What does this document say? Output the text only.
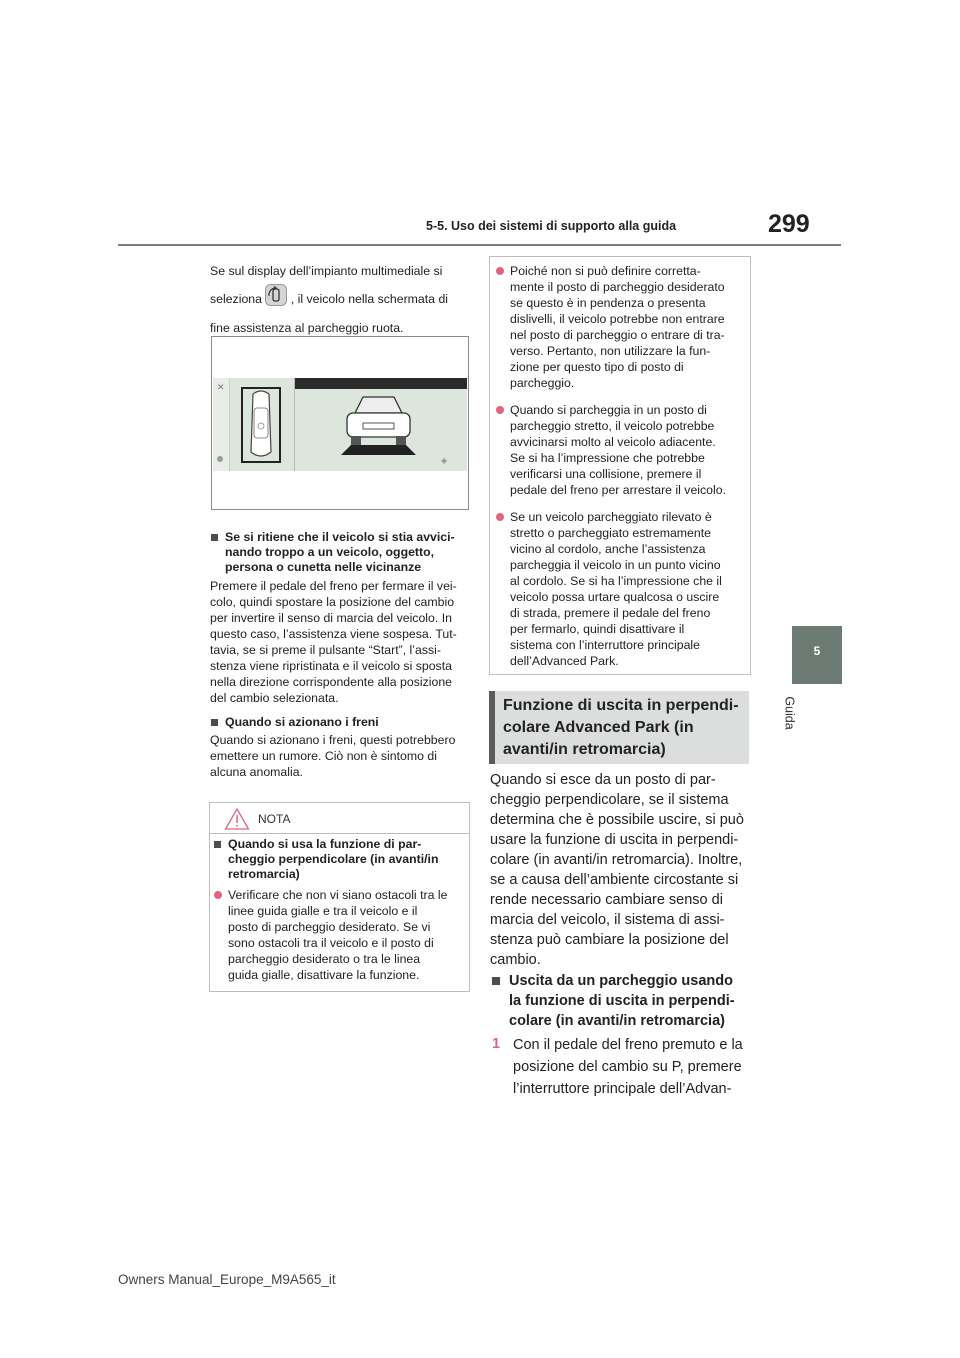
5-5. Uso dei sistemi di supporto alla guida	299
5
Guida
Se sul display dell’impianto multimediale si
seleziona , il veicolo nella schermata di
fine assistenza al parcheggio ruota.
✕
◈
Se si ritiene che il veicolo si stia avvici-
nando troppo a un veicolo, oggetto,
persona o cunetta nelle vicinanze
Premere il pedale del freno per fermare il vei-
colo, quindi spostare la posizione del cambio
per invertire il senso di marcia del veicolo. In
questo caso, l’assistenza viene sospesa. Tut-
tavia, se si preme il pulsante “Start”, l’assi-
stenza viene ripristinata e il veicolo si sposta
nella direzione corrispondente alla posizione
del cambio selezionata.
Quando si azionano i freni
Quando si azionano i freni, questi potrebbero
emettere un rumore. Ciò non è sintomo di
alcuna anomalia.
NOTA
Quando si usa la funzione di par-
cheggio perpendicolare (in avanti/in
retromarcia)
Verificare che non vi siano ostacoli tra le
linee guida gialle e tra il veicolo e il
posto di parcheggio desiderato. Se vi
sono ostacoli tra il veicolo e il posto di
parcheggio desiderato o tra le linea
guida gialle, disattivare la funzione.
Poiché non si può definire corretta-
mente il posto di parcheggio desiderato
se questo è in pendenza o presenta
dislivelli, il veicolo potrebbe non entrare
nel posto di parcheggio o entrare di tra-
verso. Pertanto, non utilizzare la fun-
zione per questo tipo di posto di
parcheggio.
Quando si parcheggia in un posto di
parcheggio stretto, il veicolo potrebbe
avvicinarsi molto al veicolo adiacente.
Se si ha l’impressione che potrebbe
verificarsi una collisione, premere il
pedale del freno per arrestare il veicolo.
Se un veicolo parcheggiato rilevato è
stretto o parcheggiato estremamente
vicino al cordolo, anche l’assistenza
parcheggia il veicolo in un punto vicino
al cordolo. Se si ha l’impressione che il
veicolo possa urtare qualcosa o uscire
di strada, premere il pedale del freno
per fermarlo, quindi disattivare il
sistema con l’interruttore principale
dell’Advanced Park.
Funzione di uscita in perpendi-
colare Advanced Park (in
avanti/in retromarcia)
Quando si esce da un posto di par-
cheggio perpendicolare, se il sistema
determina che è possibile uscire, si può
usare la funzione di uscita in perpendi-
colare (in avanti/in retromarcia). Inoltre,
se a causa dell’ambiente circostante si
rende necessario cambiare senso di
marcia del veicolo, il sistema di assi-
stenza può cambiare la posizione del
cambio.
Uscita da un parcheggio usando
la funzione di uscita in perpendi-
colare (in avanti/in retromarcia)
1 Con il pedale del freno premuto e la
posizione del cambio su P, premere
l’interruttore principale dell’Advan-
Owners Manual_Europe_M9A565_it
